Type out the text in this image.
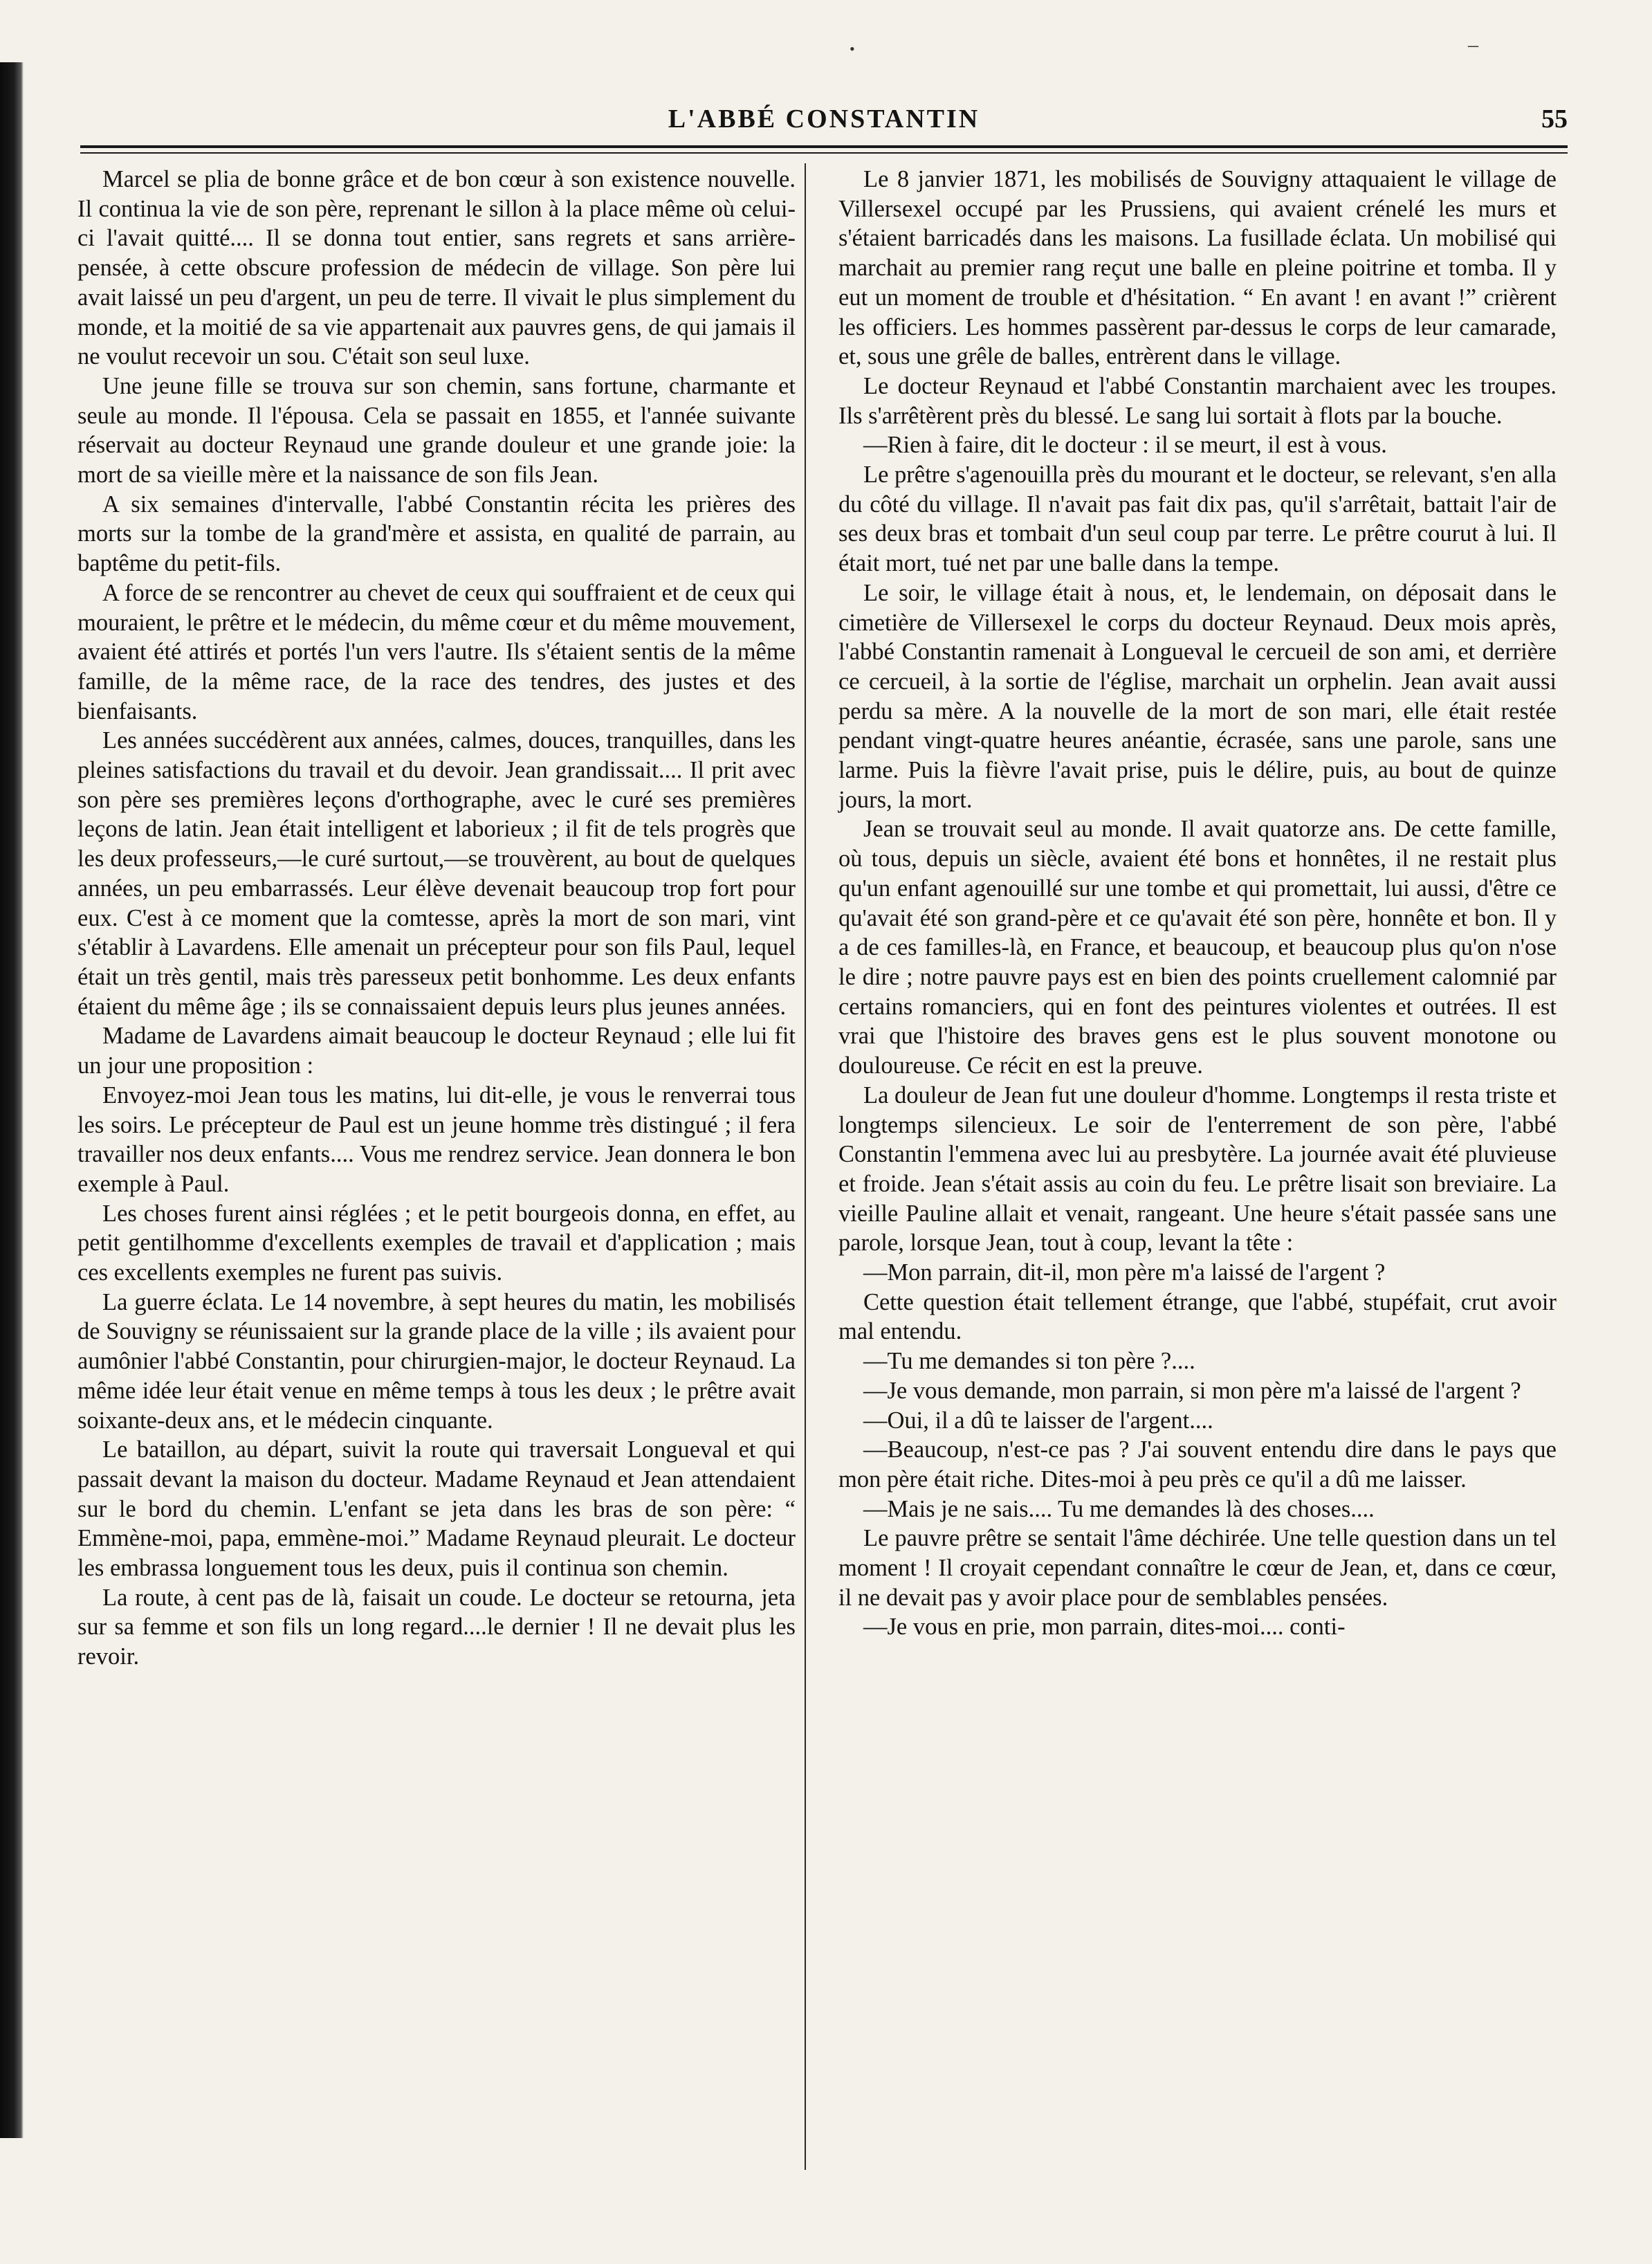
•	–
L'ABBÉ CONSTANTIN	55

Marcel se plia de bonne grâce et de bon cœur à son existence nouvelle. Il continua la vie de son père, reprenant le sillon à la place même où celui-ci l'avait quitté.... Il se donna tout entier, sans regrets et sans arrière-pensée, à cette obscure profession de médecin de village. Son père lui avait laissé un peu d'argent, un peu de terre. Il vivait le plus simplement du monde, et la moitié de sa vie appartenait aux pauvres gens, de qui jamais il ne voulut recevoir un sou. C'était son seul luxe.

Une jeune fille se trouva sur son chemin, sans fortune, charmante et seule au monde. Il l'épousa. Cela se passait en 1855, et l'année suivante réservait au docteur Reynaud une grande douleur et une grande joie: la mort de sa vieille mère et la naissance de son fils Jean.

A six semaines d'intervalle, l'abbé Constantin récita les prières des morts sur la tombe de la grand'mère et assista, en qualité de parrain, au baptême du petit-fils.

A force de se rencontrer au chevet de ceux qui souffraient et de ceux qui mouraient, le prêtre et le médecin, du même cœur et du même mouvement, avaient été attirés et portés l'un vers l'autre. Ils s'étaient sentis de la même famille, de la même race, de la race des tendres, des justes et des bienfaisants.

Les années succédèrent aux années, calmes, douces, tranquilles, dans les pleines satisfactions du travail et du devoir. Jean grandissait.... Il prit avec son père ses premières leçons d'orthographe, avec le curé ses premières leçons de latin. Jean était intelligent et laborieux ; il fit de tels progrès que les deux professeurs,—le curé surtout,—se trouvèrent, au bout de quelques années, un peu embarrassés. Leur élève devenait beaucoup trop fort pour eux. C'est à ce moment que la comtesse, après la mort de son mari, vint s'établir à Lavardens. Elle amenait un précepteur pour son fils Paul, lequel était un très gentil, mais très paresseux petit bonhomme. Les deux enfants étaient du même âge ; ils se connaissaient depuis leurs plus jeunes années.

Madame de Lavardens aimait beaucoup le docteur Reynaud ; elle lui fit un jour une proposition :

Envoyez-moi Jean tous les matins, lui dit-elle, je vous le renverrai tous les soirs. Le précepteur de Paul est un jeune homme très distingué ; il fera travailler nos deux enfants.... Vous me rendrez service. Jean donnera le bon exemple à Paul.

Les choses furent ainsi réglées ; et le petit bourgeois donna, en effet, au petit gentilhomme d'excellents exemples de travail et d'application ; mais ces excellents exemples ne furent pas suivis.

La guerre éclata. Le 14 novembre, à sept heures du matin, les mobilisés de Souvigny se réunissaient sur la grande place de la ville ; ils avaient pour aumônier l'abbé Constantin, pour chirurgien-major, le docteur Reynaud. La même idée leur était venue en même temps à tous les deux ; le prêtre avait soixante-deux ans, et le médecin cinquante.

Le bataillon, au départ, suivit la route qui traversait Longueval et qui passait devant la maison du docteur. Madame Reynaud et Jean attendaient sur le bord du chemin. L'enfant se jeta dans les bras de son père: “ Emmène-moi, papa, emmène-moi.” Madame Reynaud pleurait. Le docteur les embrassa longuement tous les deux, puis il continua son chemin.

La route, à cent pas de là, faisait un coude. Le docteur se retourna, jeta sur sa femme et son fils un long regard....le dernier ! Il ne devait plus les revoir.

Le 8 janvier 1871, les mobilisés de Souvigny attaquaient le village de Villersexel occupé par les Prussiens, qui avaient crénelé les murs et s'étaient barricadés dans les maisons. La fusillade éclata. Un mobilisé qui marchait au premier rang reçut une balle en pleine poitrine et tomba. Il y eut un moment de trouble et d'hésitation. “ En avant ! en avant !” crièrent les officiers. Les hommes passèrent par-dessus le corps de leur camarade, et, sous une grêle de balles, entrèrent dans le village.

Le docteur Reynaud et l'abbé Constantin marchaient avec les troupes. Ils s'arrêtèrent près du blessé. Le sang lui sortait à flots par la bouche.

—Rien à faire, dit le docteur : il se meurt, il est à vous.

Le prêtre s'agenouilla près du mourant et le docteur, se relevant, s'en alla du côté du village. Il n'avait pas fait dix pas, qu'il s'arrêtait, battait l'air de ses deux bras et tombait d'un seul coup par terre. Le prêtre courut à lui. Il était mort, tué net par une balle dans la tempe.

Le soir, le village était à nous, et, le lendemain, on déposait dans le cimetière de Villersexel le corps du docteur Reynaud. Deux mois après, l'abbé Constantin ramenait à Longueval le cercueil de son ami, et derrière ce cercueil, à la sortie de l'église, marchait un orphelin. Jean avait aussi perdu sa mère. A la nouvelle de la mort de son mari, elle était restée pendant vingt-quatre heures anéantie, écrasée, sans une parole, sans une larme. Puis la fièvre l'avait prise, puis le délire, puis, au bout de quinze jours, la mort.

Jean se trouvait seul au monde. Il avait quatorze ans. De cette famille, où tous, depuis un siècle, avaient été bons et honnêtes, il ne restait plus qu'un enfant agenouillé sur une tombe et qui promettait, lui aussi, d'être ce qu'avait été son grand-père et ce qu'avait été son père, honnête et bon. Il y a de ces familles-là, en France, et beaucoup, et beaucoup plus qu'on n'ose le dire ; notre pauvre pays est en bien des points cruellement calomnié par certains romanciers, qui en font des peintures violentes et outrées. Il est vrai que l'histoire des braves gens est le plus souvent monotone ou douloureuse. Ce récit en est la preuve.

La douleur de Jean fut une douleur d'homme. Longtemps il resta triste et longtemps silencieux. Le soir de l'enterrement de son père, l'abbé Constantin l'emmena avec lui au presbytère. La journée avait été pluvieuse et froide. Jean s'était assis au coin du feu. Le prêtre lisait son breviaire. La vieille Pauline allait et venait, rangeant. Une heure s'était passée sans une parole, lorsque Jean, tout à coup, levant la tête :

—Mon parrain, dit-il, mon père m'a laissé de l'argent ?

Cette question était tellement étrange, que l'abbé, stupéfait, crut avoir mal entendu.

—Tu me demandes si ton père ?....

—Je vous demande, mon parrain, si mon père m'a laissé de l'argent ?

—Oui, il a dû te laisser de l'argent....

—Beaucoup, n'est-ce pas ? J'ai souvent entendu dire dans le pays que mon père était riche. Dites-moi à peu près ce qu'il a dû me laisser.

—Mais je ne sais.... Tu me demandes là des choses....

Le pauvre prêtre se sentait l'âme déchirée. Une telle question dans un tel moment ! Il croyait cependant connaître le cœur de Jean, et, dans ce cœur, il ne devait pas y avoir place pour de semblables pensées.

—Je vous en prie, mon parrain, dites-moi.... conti-
